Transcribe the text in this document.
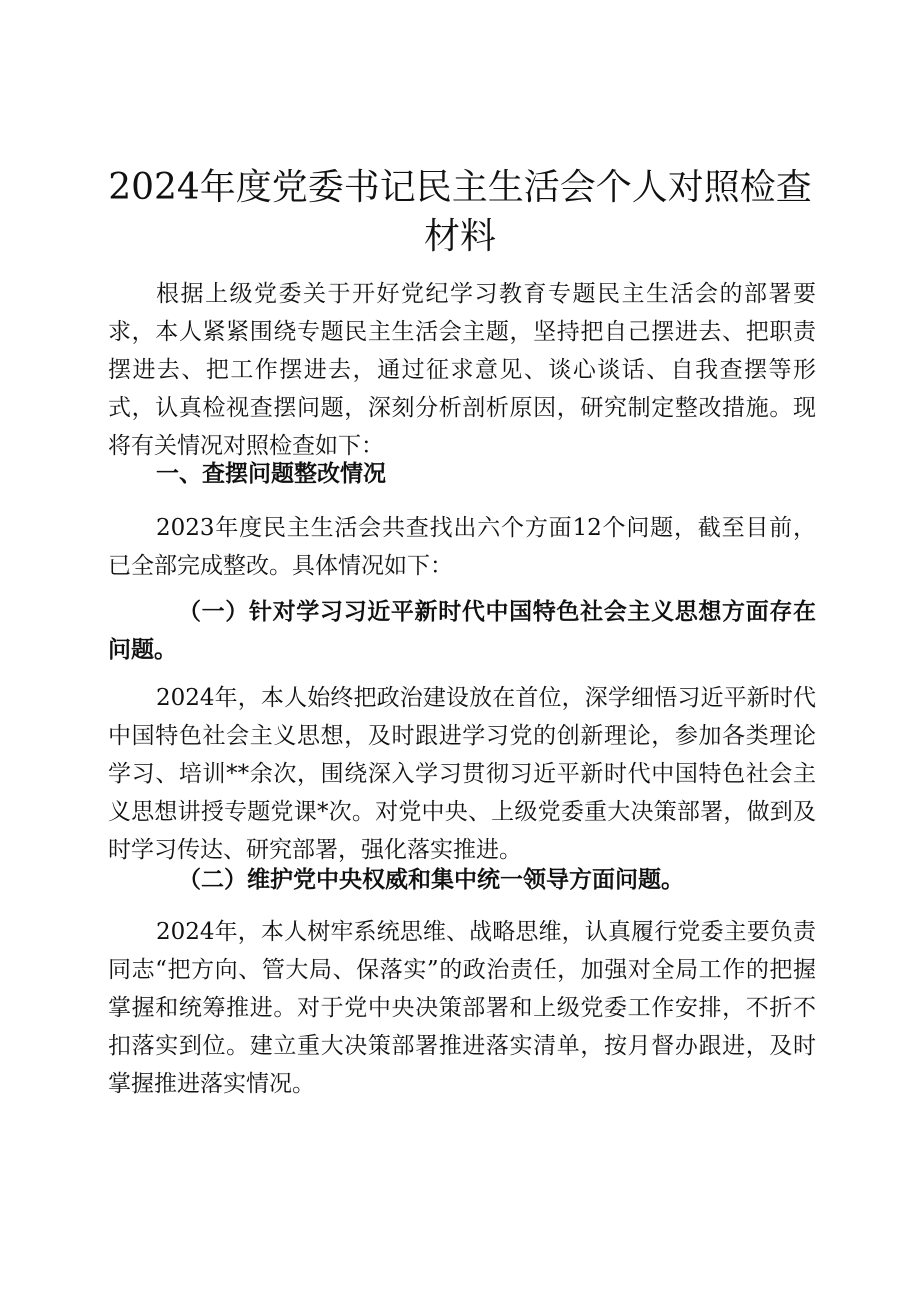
2024年度党委书记民主生活会个人对照检查材料

根据上级党委关于开好党纪学习教育专题民主生活会的部署要求，本人紧紧围绕专题民主生活会主题，坚持把自己摆进去、把职责摆进去、把工作摆进去，通过征求意见、谈心谈话、自我查摆等形式，认真检视查摆问题，深刻分析剖析原因，研究制定整改措施。现将有关情况对照检查如下：

一、查摆问题整改情况

2023年度民主生活会共查找出六个方面12个问题，截至目前，已全部完成整改。具体情况如下：

（一）针对学习习近平新时代中国特色社会主义思想方面存在问题。

2024年，本人始终把政治建设放在首位，深学细悟习近平新时代中国特色社会主义思想，及时跟进学习党的创新理论，参加各类理论学习、培训**余次，围绕深入学习贯彻习近平新时代中国特色社会主义思想讲授专题党课*次。对党中央、上级党委重大决策部署，做到及时学习传达、研究部署，强化落实推进。

（二）维护党中央权威和集中统一领导方面问题。

2024年，本人树牢系统思维、战略思维，认真履行党委主要负责同志“把方向、管大局、保落实”的政治责任，加强对全局工作的把握掌握和统筹推进。对于党中央决策部署和上级党委工作安排，不折不扣落实到位。建立重大决策部署推进落实清单，按月督办跟进，及时掌握推进落实情况。
